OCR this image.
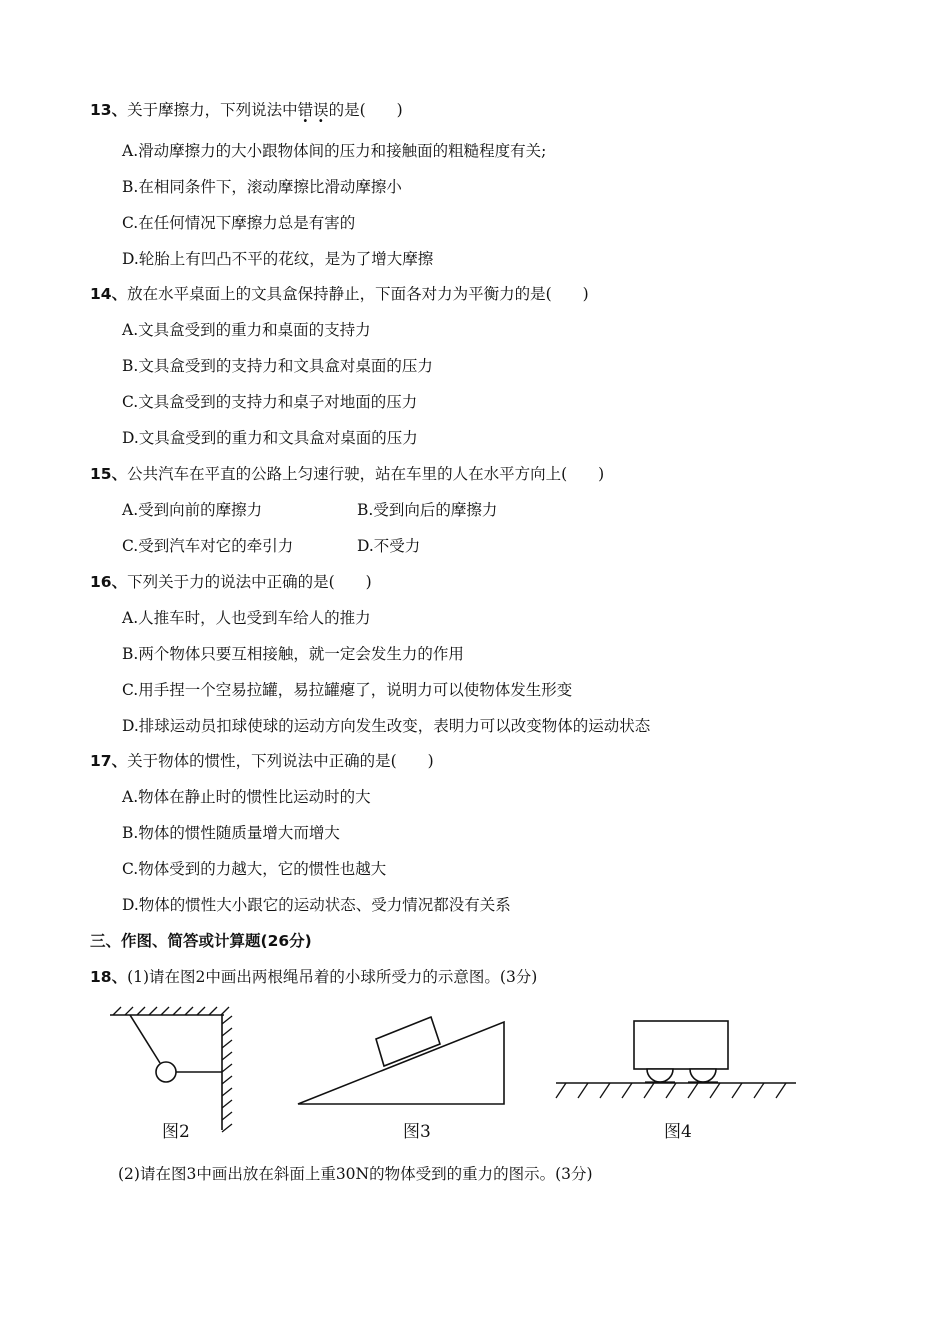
13、关于摩擦力，下列说法中错误的是(　　)
A.滑动摩擦力的大小跟物体间的压力和接触面的粗糙程度有关;
B.在相同条件下，滚动摩擦比滑动摩擦小
C.在任何情况下摩擦力总是有害的
D.轮胎上有凹凸不平的花纹，是为了增大摩擦
14、放在水平桌面上的文具盒保持静止，下面各对力为平衡力的是(　　)
A.文具盒受到的重力和桌面的支持力
B.文具盒受到的支持力和文具盒对桌面的压力
C.文具盒受到的支持力和桌子对地面的压力
D.文具盒受到的重力和文具盒对桌面的压力
15、公共汽车在平直的公路上匀速行驶，站在车里的人在水平方向上(　　)
A.受到向前的摩擦力	B.受到向后的摩擦力
C.受到汽车对它的牵引力	D.不受力
16、下列关于力的说法中正确的是(　　)
A.人推车时，人也受到车给人的推力
B.两个物体只要互相接触，就一定会发生力的作用
C.用手捏一个空易拉罐，易拉罐瘪了，说明力可以使物体发生形变
D.排球运动员扣球使球的运动方向发生改变，表明力可以改变物体的运动状态
17、关于物体的惯性，下列说法中正确的是(　　)
A.物体在静止时的惯性比运动时的大
B.物体的惯性随质量增大而增大
C.物体受到的力越大，它的惯性也越大
D.物体的惯性大小跟它的运动状态、受力情况都没有关系
三、作图、简答或计算题(26分)
18、(1)请在图2中画出两根绳吊着的小球所受力的示意图。(3分)
图2	图3	图4
(2)请在图3中画出放在斜面上重30N的物体受到的重力的图示。(3分)
